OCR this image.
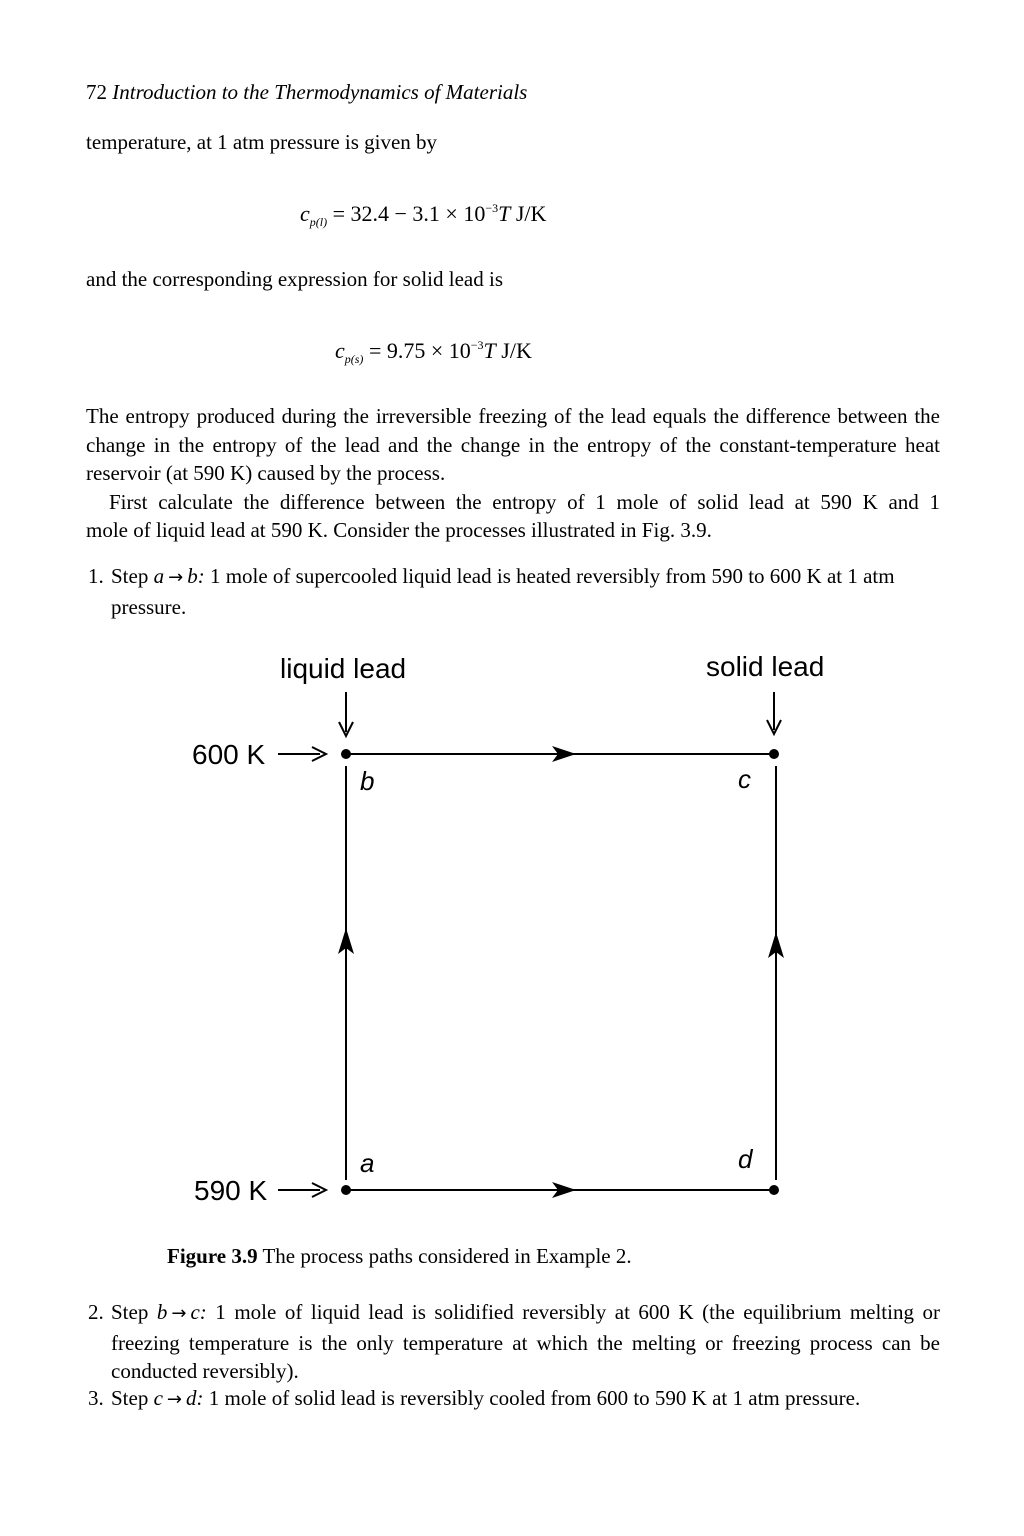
72 Introduction to the Thermodynamics of Materials

temperature, at 1 atm pressure is given by

$c_{p(l)} = 32.4 - 3.1 \times 10^{-3}T$ J/K

and the corresponding expression for solid lead is

$c_{p(s)} = 9.75 \times 10^{-3}T$ J/K

The entropy produced during the irreversible freezing of the lead equals the difference between the change in the entropy of the lead and the change in the entropy of the constant-temperature heat reservoir (at 590 K) caused by the process.

First calculate the difference between the entropy of 1 mole of solid lead at 590 K and 1

mole of liquid lead at 590 K. Consider the processes illustrated in Fig. 3.9.

1. Step a → b: 1 mole of supercooled liquid lead is heated reversibly from 590 to 600 K at 1 atm pressure.
liquid lead	solid lead
600 K
590 K
b	c
a	d
Figure 3.9 The process paths considered in Example 2.
2. Step b → c: 1 mole of liquid lead is solidified reversibly at 600 K (the equilibrium melting or freezing temperature is the only temperature at which the melting or freezing process can be conducted reversibly).
3. Step c → d: 1 mole of solid lead is reversibly cooled from 600 to 590 K at 1 atm pressure.
